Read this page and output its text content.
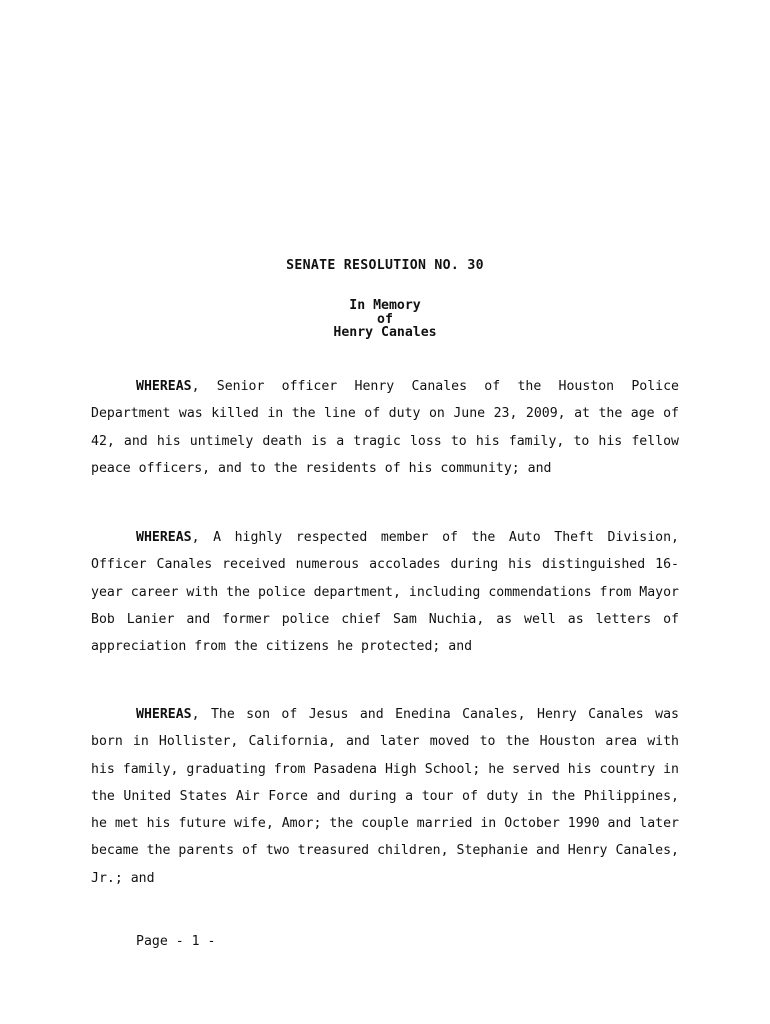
SENATE RESOLUTION NO. 30
In Memory
of
Henry Canales
WHEREAS, Senior officer Henry Canales of the Houston Police Department was killed in the line of duty on June 23, 2009, at the age of 42, and his untimely death is a tragic loss to his family, to his fellow peace officers, and to the residents of his community; and
WHEREAS, A highly respected member of the Auto Theft Division, Officer Canales received numerous accolades during his distinguished 16-year career with the police department, including commendations from Mayor Bob Lanier and former police chief Sam Nuchia, as well as letters of appreciation from the citizens he protected; and
WHEREAS, The son of Jesus and Enedina Canales, Henry Canales was born in Hollister, California, and later moved to the Houston area with his family, graduating from Pasadena High School; he served his country in the United States Air Force and during a tour of duty in the Philippines, he met his future wife, Amor; the couple married in October 1990 and later became the parents of two treasured children, Stephanie and Henry Canales, Jr.; and
Page - 1 -
